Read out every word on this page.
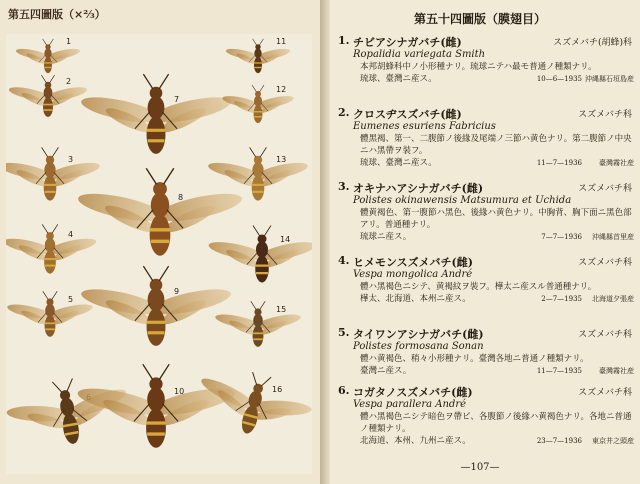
第五四圖版（×⅔）
1
2
3
4
5
7
8
9
10
11
12
13
14
15
16
第五十四圖版（膜翅目）
1. チビアシナガバチ(雌)	スズメバチ(胡蜂)科
Ropalidia variegata Smith
本邦胡蜂科中ノ小形種ナリ。琉球ニテハ最モ普通ノ種類ナリ。
琉球、臺灣ニ産ス。	10—6—1935 沖縄縣石垣島産
2. クロスヂスズバチ(雌)	スズメバチ科
Eumenes esuriens Fabricius
體黑褐、第一、二腹節ノ後緣及尾端ノ三節ハ黄色ナリ。第二腹節ノ中央ニハ黑帶ヲ裝フ。
琉球、臺灣ニ産ス。	11—7—1936 臺灣霧社産
3. オキナハアシナガバチ(雌)	スズメバチ科
Polistes okinawensis Matsumura et Uchida
體黄褐色、第一腹節ハ黑色、後緣ハ黄色ナリ。中胸背、胸下面ニ黑色部アリ。普通種ナリ。
琉球ニ産ス。	7—7—1936 沖縄縣首里産
4. ヒメモンスズメバチ(雌)	スズメバチ科
Vespa mongolica André
體ハ黑褐色ニシテ、黄褐紋ヲ裝フ。樺太ニ産スル普通種ナリ。
樺太、北海道、本州ニ産ス。	2—7—1935 北海道夕張産
5. タイワンアシナガバチ(雌)	スズメバチ科
Polistes formosana Sonan
體ハ黄褐色、稍々小形種ナリ。臺灣各地ニ普通ノ種類ナリ。
臺灣ニ産ス。	11—7—1935 臺灣霧社産
6. コガタノスズメバチ(雌)	スズメバチ科
Vespa parallera André
體ハ黑褐色ニシテ暗色ヲ帶ビ、各腹節ノ後緣ハ黄褐色ナリ。各地ニ普通ノ種類ナリ。
北海道、本州、九州ニ産ス。	23—7—1936 東京井之頭産
—107—
